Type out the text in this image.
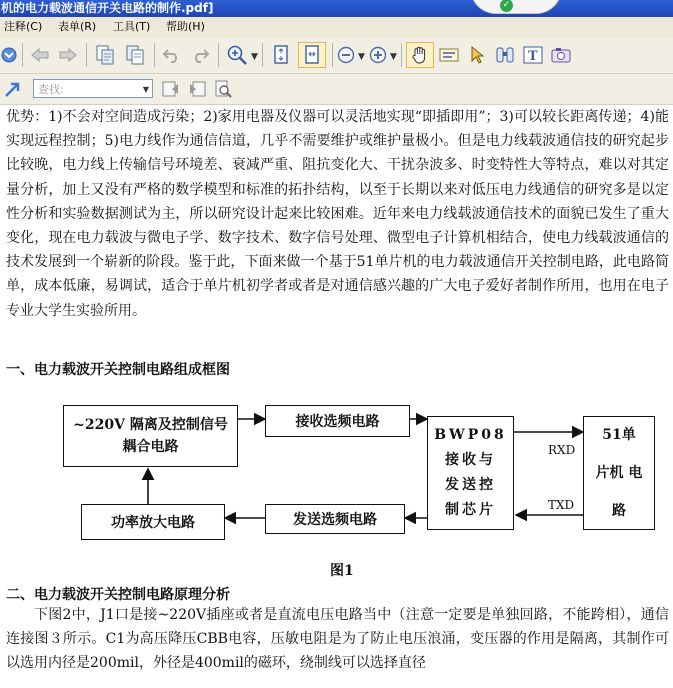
机的电力载波通信开关电路的制作.pdf]	✓
注释(C) 表单(R) 工具(T) 帮助(H)
▼	▼	▼	T
查找:	▼
优势：1)不会对空间造成污染；2)家用电器及仪器可以灵活地实现“即插即用”；3)可以较长距离传递；4)能实现远程控制；5)电力线作为通信信道，几乎不需要维护或维护量极小。但是电力线载波通信技的研究起步比较晚，电力线上传输信号环境差、衰减严重、阻抗变化大、干扰杂波多、时变特性大等特点，难以对其定量分析，加上又没有严格的数学模型和标准的拓扑结构，以至于长期以来对低压电力线通信的研究多是以定性分析和实验数据测试为主，所以研究设计起来比较困难。近年来电力线载波通信技术的面貌已发生了重大变化，现在电力载波与微电子学、数字技术、数字信号处理、微型电子计算机相结合，使电力线载波通信的技术发展到一个崭新的阶段。鉴于此，下面来做一个基于51单片机的电力载波通信开关控制电路，此电路简单，成本低廉，易调试，适合于单片机初学者或者是对通信感兴趣的广大电子爱好者制作所用，也用在电子专业大学生实验所用。
一、电力载波开关控制电路组成框图
~220V 隔离及控制信号耦合电路
接收选频电路
BWP08 接收与 发送控 制芯片
51单 片机 电路
功率放大电路	发送选频电路
RXD
TXD
图1
二、电力载波开关控制电路原理分析
下图2中，J1口是接~220V插座或者是直流电压电路当中（注意一定要是单独回路，不能跨相），通信连接图３所示。C1为高压降压CBB电容，压敏电阻是为了防止电压浪涌，变压器的作用是隔离，其制作可以选用内径是200mil，外径是400mil的磁环，绕制线可以选择直径
